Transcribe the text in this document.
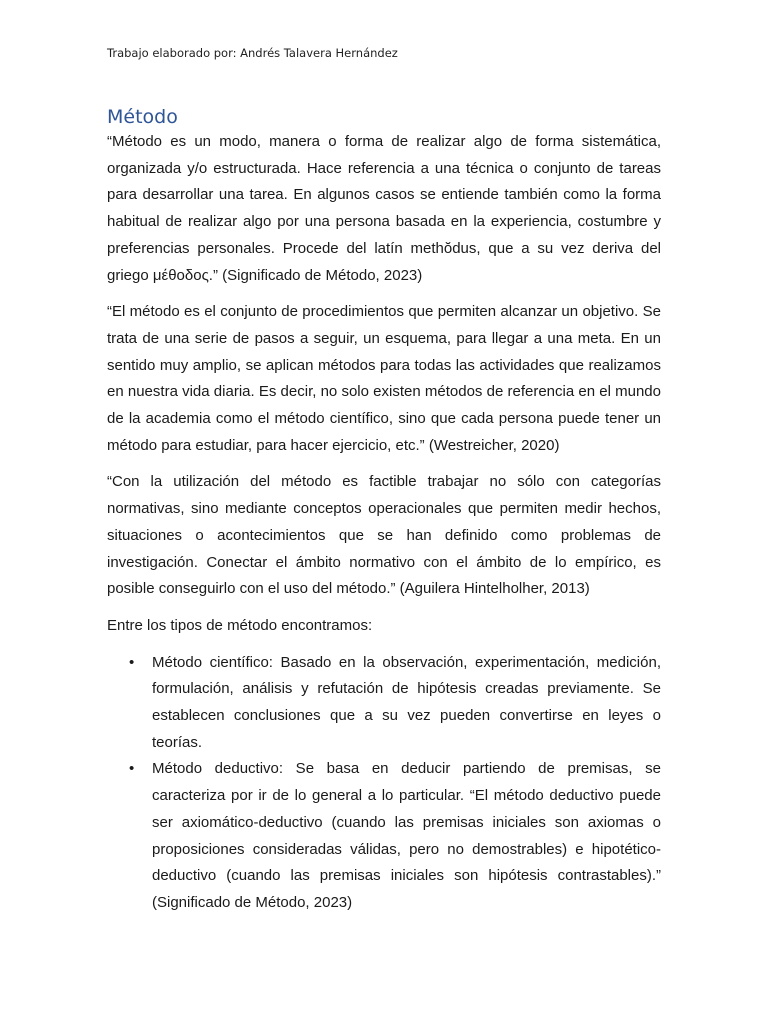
Trabajo elaborado por: Andrés Talavera Hernández
Método

“Método es un modo, manera o forma de realizar algo de forma sistemática, organizada y/o estructurada. Hace referencia a una técnica o conjunto de tareas para desarrollar una tarea. En algunos casos se entiende también como la forma habitual de realizar algo por una persona basada en la experiencia, costumbre y preferencias personales. Procede del latín methŏdus, que a su vez deriva del griego μέθοδος.” (Significado de Método, 2023)

“El método es el conjunto de procedimientos que permiten alcanzar un objetivo. Se trata de una serie de pasos a seguir, un esquema, para llegar a una meta. En un sentido muy amplio, se aplican métodos para todas las actividades que realizamos en nuestra vida diaria. Es decir, no solo existen métodos de referencia en el mundo de la academia como el método científico, sino que cada persona puede tener un método para estudiar, para hacer ejercicio, etc.” (Westreicher, 2020)

“Con la utilización del método es factible trabajar no sólo con categorías normativas, sino mediante conceptos operacionales que permiten medir hechos, situaciones o acontecimientos que se han definido como problemas de investigación. Conectar el ámbito normativo con el ámbito de lo empírico, es posible conseguirlo con el uso del método.” (Aguilera Hintelholher, 2013)

Entre los tipos de método encontramos:

• Método científico: Basado en la observación, experimentación, medición, formulación, análisis y refutación de hipótesis creadas previamente. Se establecen conclusiones que a su vez pueden convertirse en leyes o teorías.
• Método deductivo: Se basa en deducir partiendo de premisas, se caracteriza por ir de lo general a lo particular. “El método deductivo puede ser axiomático-deductivo (cuando las premisas iniciales son axiomas o proposiciones consideradas válidas, pero no demostrables) e hipotético-deductivo (cuando las premisas iniciales son hipótesis contrastables).” (Significado de Método, 2023)
